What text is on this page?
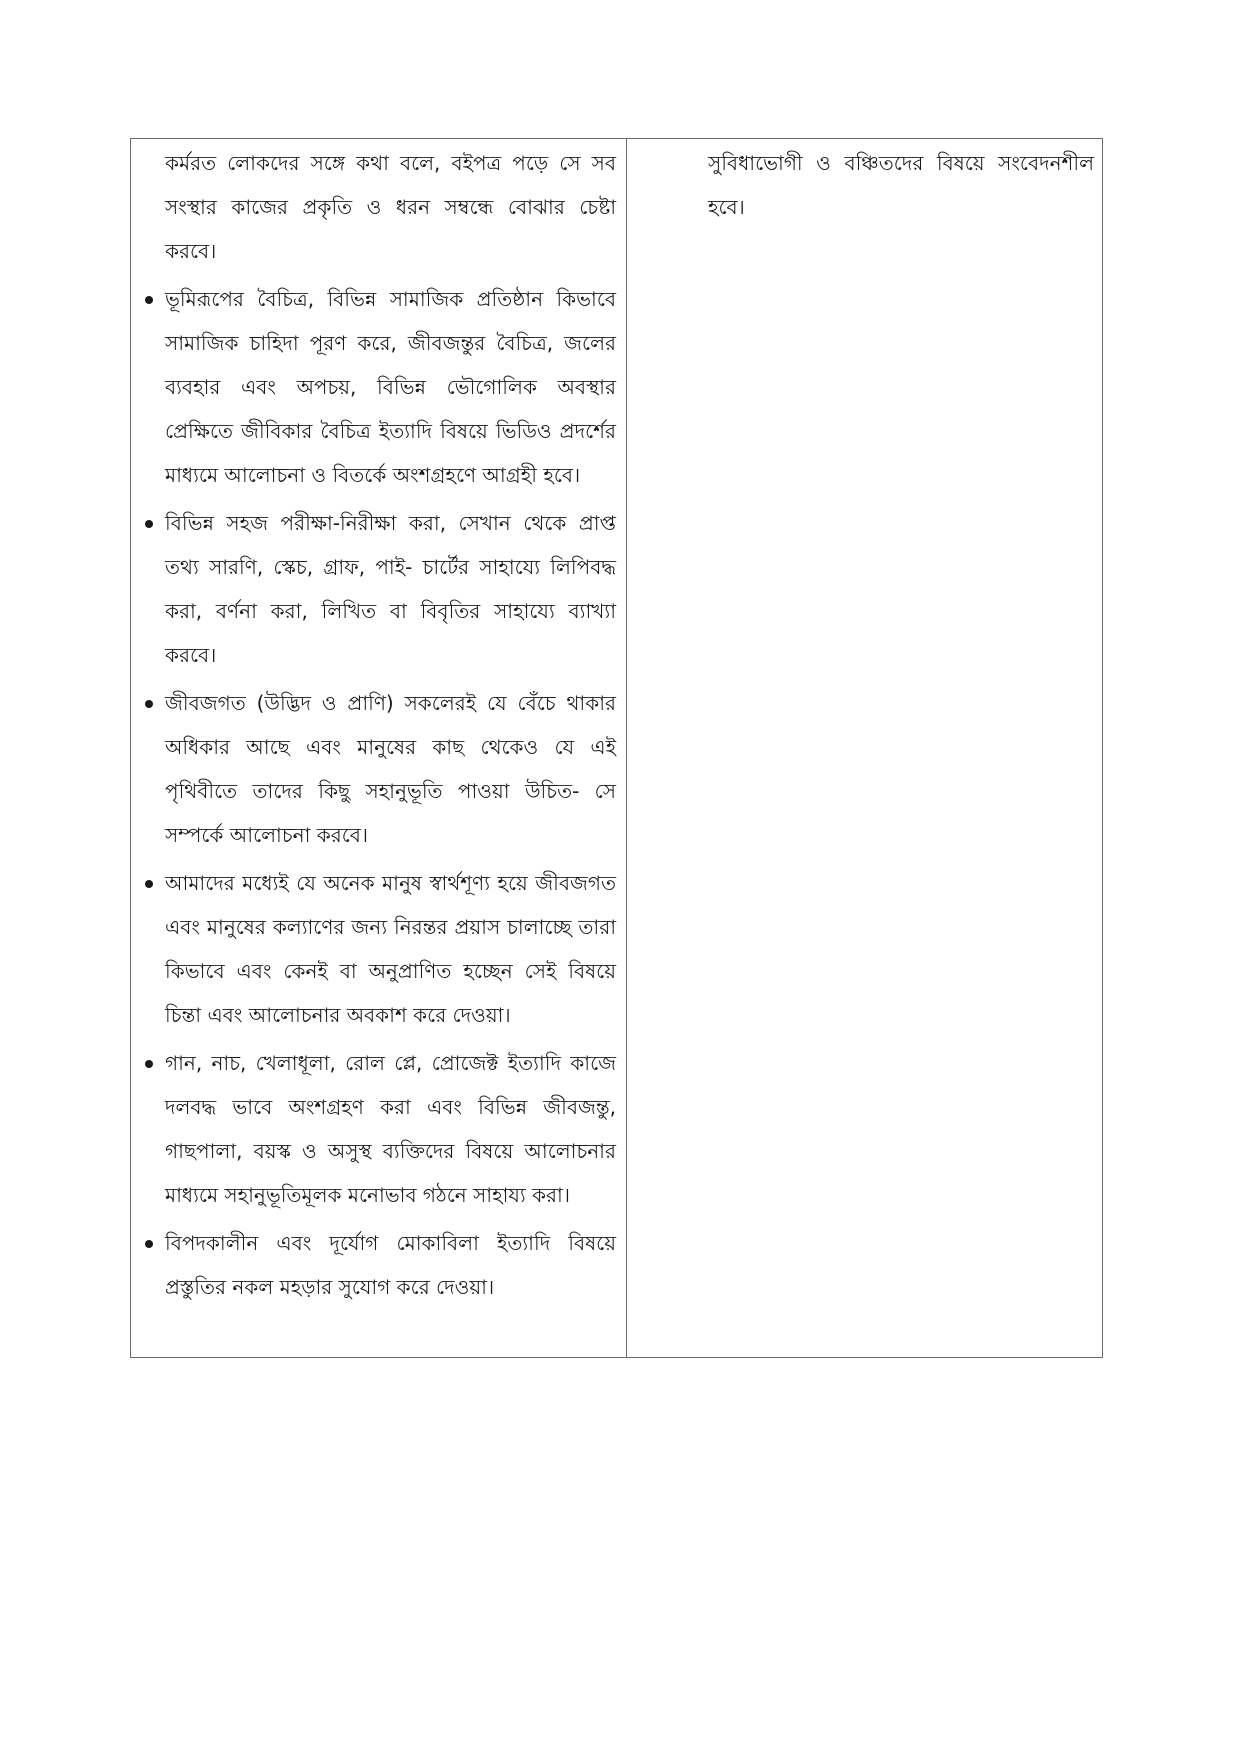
কর্মরত লোকদের সঙ্গে কথা বলে, বইপত্র পড়ে সে সব সংস্থার কাজের প্রকৃতি ও ধরন সম্বন্ধে বোঝার চেষ্টা করবে।

ভূমিরূপের বৈচিত্র, বিভিন্ন সামাজিক প্রতিষ্ঠান কিভাবে সামাজিক চাহিদা পূরণ করে, জীবজন্তুর বৈচিত্র, জলের ব্যবহার এবং অপচয়, বিভিন্ন ভৌগোলিক অবস্থার প্রেক্ষিতে জীবিকার বৈচিত্র ইত্যাদি বিষয়ে ভিডিও প্রদর্শের মাধ্যমে আলোচনা ও বিতর্কে অংশগ্রহণে আগ্রহী হবে।
বিভিন্ন সহজ পরীক্ষা-নিরীক্ষা করা, সেখান থেকে প্রাপ্ত তথ্য সারণি, স্কেচ, গ্রাফ, পাই- চার্টের সাহায্যে লিপিবদ্ধ করা, বর্ণনা করা, লিখিত বা বিবৃতির সাহায্যে ব্যাখ্যা করবে।
জীবজগত (উদ্ভিদ ও প্রাণি) সকলেরই যে বেঁচে থাকার অধিকার আছে এবং মানুষের কাছ থেকেও যে এই পৃথিবীতে তাদের কিছু সহানুভূতি পাওয়া উচিত- সে সম্পর্কে আলোচনা করবে।
আমাদের মধ্যেই যে অনেক মানুষ স্বার্থশূণ্য হয়ে জীবজগত এবং মানুষের কল্যাণের জন্য নিরন্তর প্রয়াস চালাচ্ছে তারা কিভাবে এবং কেনই বা অনুপ্রাণিত হচ্ছেন সেই বিষয়ে চিন্তা এবং আলোচনার অবকাশ করে দেওয়া।
গান, নাচ, খেলাধূলা, রোল প্লে, প্রোজেক্ট ইত্যাদি কাজে দলবদ্ধ ভাবে অংশগ্রহণ করা এবং বিভিন্ন জীবজন্তু, গাছপালা, বয়স্ক ও অসুস্থ ব্যক্তিদের বিষয়ে আলোচনার মাধ্যমে সহানুভূতিমূলক মনোভাব গঠনে সাহায্য করা।
বিপদকালীন এবং দূর্যোগ মোকাবিলা ইত্যাদি বিষয়ে প্রস্তুতির নকল মহড়ার সুযোগ করে দেওয়া।

সুবিধাভোগী ও বঞ্চিতদের বিষয়ে সংবেদনশীল হবে।
